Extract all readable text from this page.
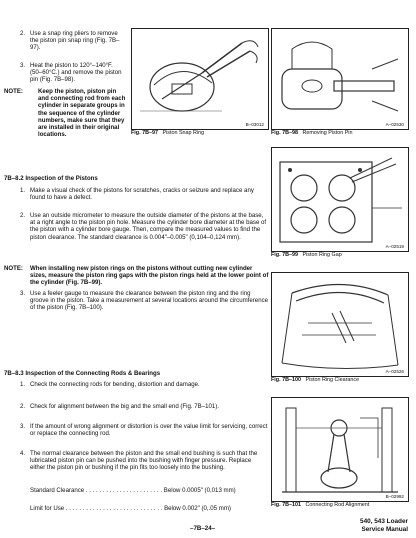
2. Use a snap ring pliers to remove the piston pin snap ring (Fig. 7B–97).
3. Heat the piston to 120°–140°F. (50–60°C.) and remove the piston pin (Fig. 7B–98).
NOTE: Keep the piston, piston pin and connecting rod from each cylinder in separate groups in the sequence of the cylinder numbers, make sure that they are installed in their original locations.
B–03012
Fig. 7B–97 Piston Snap Ring
A–02530
Fig. 7B–98 Removing Piston Pin
7B–8.2 Inspection of the Pistons
1. Make a visual check of the pistons for scratches, cracks or seizure and replace any found to have a defect.
2. Use an outside micrometer to measure the outside diameter of the pistons at the base, at a right angle to the piston pin hole. Measure the cylinder bore diameter at the base of the piston with a cylinder bore gauge. Then, compare the measured values to find the piston clearance. The standard clearance is 0.004"–0.005" (0,104–0,124 mm).
NOTE: When installing new piston rings on the pistons without cutting new cylinder sizes, measure the piston ring gaps with the piston rings held at the lower point of the cylinder (Fig. 7B–99).
3. Use a feeler gauge to measure the clearance between the piston ring and the ring groove in the piston. Take a measurement at several locations around the circumference of the piston (Fig. 7B–100).
A–02519
Fig. 7B–99 Piston Ring Gap
A–02526
Fig. 7B–100 Piston Ring Clearance
7B–8.3 Inspection of the Connecting Rods & Bearings
1. Check the connecting rods for bending, distortion and damage.
2. Check for alignment between the big and the small end (Fig. 7B–101).
3. If the amount of wrong alignment or distortion is over the value limit for servicing, correct or replace the connecting rod.
4. The normal clearance between the piston and the small end bushing is such that the lubricated piston pin can be pushed into the bushing with finger pressure. Replace either the piston pin or bushing if the pin fits too loosely into the bushing.
Standard Clearance . . . . . . . . . . . . . . . . . . . . . . . Below 0.0005" (0,013 mm)
Limit for Use . . . . . . . . . . . . . . . . . . . . . . . . . . . . . Below 0.002" (0,.05 mm)
B–02992
Fig. 7B–101 Connecting Rod Alignment
–7B–24–
540, 543 Loader
Service Manual
